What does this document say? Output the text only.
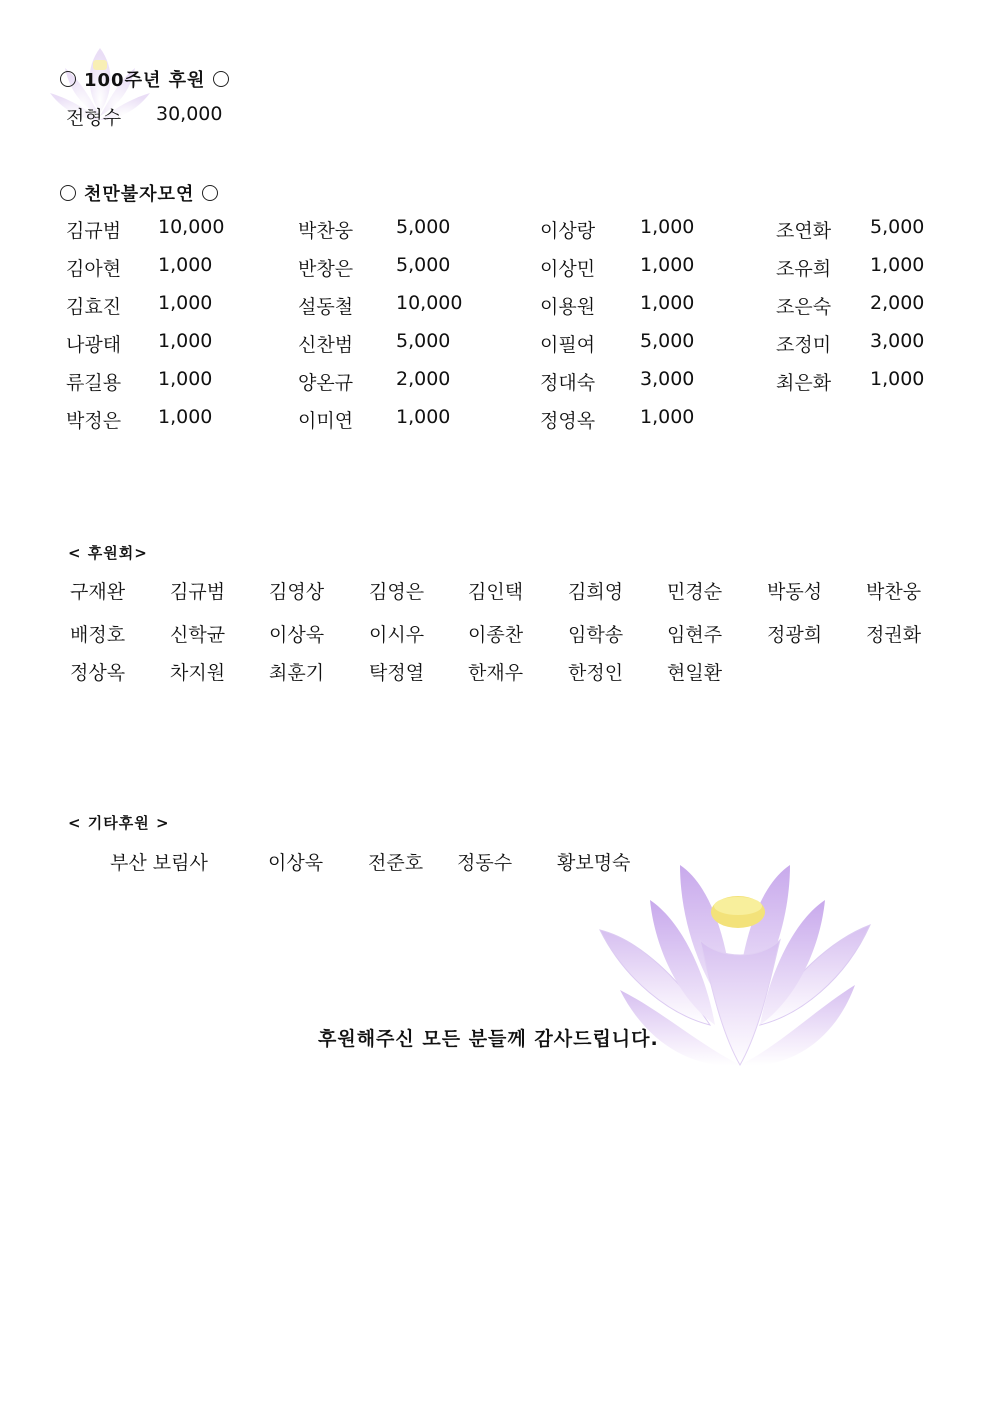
100주년 후원
전형수 30,000
천만불자모연
김규범 10,000
김아현 1,000
김효진 1,000
나광태 1,000
류길용 1,000
박정은 1,000
박찬웅 5,000
반창은 5,000
설동철 10,000
신찬범 5,000
양온규 2,000
이미연 1,000
이상랑 1,000
이상민 1,000
이용원 1,000
이필여 5,000
정대숙 3,000
정영옥 1,000
조연화 5,000
조유희 1,000
조은숙 2,000
조정미 3,000
최은화 1,000
< 후원회>
구재완 김규범 김영상 김영은 김인택 김희영 민경순 박동성 박찬웅
배정호 신학균 이상욱 이시우 이종찬 임학송 임현주 정광희 정권화
정상옥 차지원 최훈기 탁정열 한재우 한정인 현일환
< 기타후원 >
부산 보림사	이상욱 전준호 정동수 황보명숙
후원해주신 모든 분들께 감사드립니다.
